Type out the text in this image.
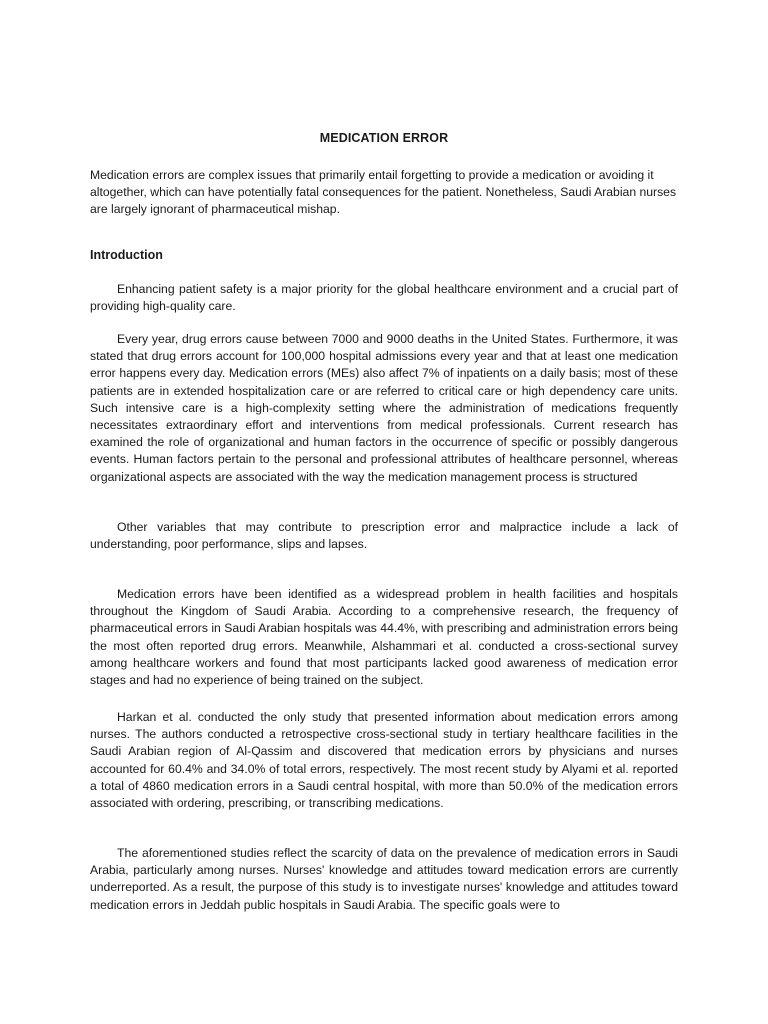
MEDICATION ERROR

Medication errors are complex issues that primarily entail forgetting to provide a medication or avoiding it altogether, which can have potentially fatal consequences for the patient. Nonetheless, Saudi Arabian nurses are largely ignorant of pharmaceutical mishap.

Introduction

Enhancing patient safety is a major priority for the global healthcare environment and a crucial part of providing high-quality care.

Every year, drug errors cause between 7000 and 9000 deaths in the United States. Furthermore, it was stated that drug errors account for 100,000 hospital admissions every year and that at least one medication error happens every day. Medication errors (MEs) also affect 7% of inpatients on a daily basis; most of these patients are in extended hospitalization care or are referred to critical care or high dependency care units. Such intensive care is a high-complexity setting where the administration of medications frequently necessitates extraordinary effort and interventions from medical professionals. Current research has examined the role of organizational and human factors in the occurrence of specific or possibly dangerous events. Human factors pertain to the personal and professional attributes of healthcare personnel, whereas organizational aspects are associated with the way the medication management process is structured

Other variables that may contribute to prescription error and malpractice include a lack of understanding, poor performance, slips and lapses.

Medication errors have been identified as a widespread problem in health facilities and hospitals throughout the Kingdom of Saudi Arabia. According to a comprehensive research, the frequency of pharmaceutical errors in Saudi Arabian hospitals was 44.4%, with prescribing and administration errors being the most often reported drug errors. Meanwhile, Alshammari et al. conducted a cross-sectional survey among healthcare workers and found that most participants lacked good awareness of medication error stages and had no experience of being trained on the subject.

Harkan et al. conducted the only study that presented information about medication errors among nurses. The authors conducted a retrospective cross-sectional study in tertiary healthcare facilities in the Saudi Arabian region of Al-Qassim and discovered that medication errors by physicians and nurses accounted for 60.4% and 34.0% of total errors, respectively. The most recent study by Alyami et al. reported a total of 4860 medication errors in a Saudi central hospital, with more than 50.0% of the medication errors associated with ordering, prescribing, or transcribing medications.

The aforementioned studies reflect the scarcity of data on the prevalence of medication errors in Saudi Arabia, particularly among nurses. Nurses' knowledge and attitudes toward medication errors are currently underreported. As a result, the purpose of this study is to investigate nurses' knowledge and attitudes toward medication errors in Jeddah public hospitals in Saudi Arabia. The specific goals were to
